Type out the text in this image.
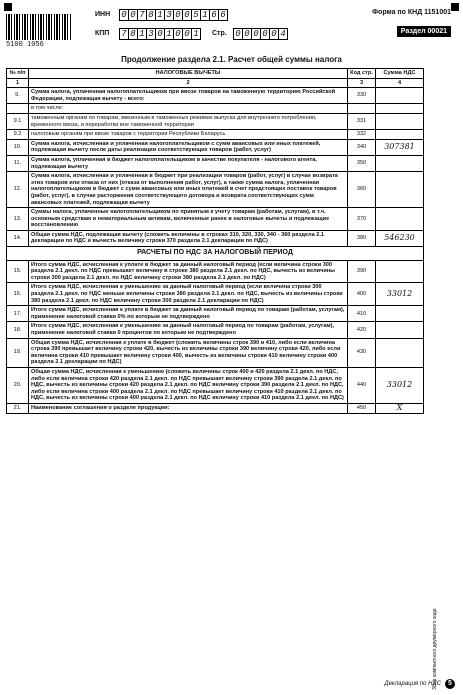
5100 1056
ИНН 0 0 7 8 1 3 0 0 5 1 6 6
КПП 7 8 1 3 0 1 0 0 1	Стр. 0 0 0 0 0 4
Форма по КНД 1151001
Раздел 00021
Продолжение раздела 2.1. Расчет общей суммы налога
№ п/п	НАЛОГОВЫЕ ВЫЧЕТЫ	Код стр.	Сумма НДС
1	2	3	4
9.	Сумма налога, уплаченная налогоплательщиком при ввозе товаров на таможенную территорию Российской Федерации, подлежащая вычету - всего:	330	
	в том числе:		
9.1	таможенным органам по товарам, ввезенным в таможенных режимах выпуска для внутреннего потребления, временного ввоза, и переработки вне таможенной территории	331	
9.2	налоговым органам при ввозе товаров с территории Республики Беларусь	332	
10.	Сумма налога, исчисленная и уплаченная налогоплательщиком с сумм авансовых или иных платежей, подлежащая вычету после даты реализации соответствующих товаров (работ, услуг)	340	307381
11.	Сумма налога, уплаченная в бюджет налогоплательщиком в качестве покупателя - налогового агента, подлежащая вычету	350	
12.	Сумма налога, исчисленная и уплаченная в бюджет при реализации товаров (работ, услуг) в случае возврата этих товаров или отказа от них (отказа от выполнения работ, услуг), а также сумма налога, уплаченная налогоплательщиком в бюджет с сумм авансовых или иных платежей в счет предстоящих поставок товаров (работ, услуг), в случае расторжения соответствующего договора и возврата соответствующих сумм авансовых платежей, подлежащая вычету	360	
13.	Суммы налога, уплаченные налогоплательщиком по принятым к учету товарам (работам, услугам), в т.ч. основным средствам и нематериальным активам, включенные ранее в налоговые вычеты и подлежащие восстановлению	370	
14.	Общая сумма НДС, подлежащая вычету (сложить величины в строках 310, 320, 330, 340 - 360 раздела 2.1 декларации по НДС и вычесть величину строки 370 раздела 2.1 декларации по НДС)	380	546230
РАСЧЕТЫ ПО НДС ЗА НАЛОГОВЫЙ ПЕРИОД			
15.	Итого сумма НДС, исчисленная к уплате в бюджет за данный налоговый период (если величина строки 300 раздела 2.1 декл. по НДС превышает величину в строке 380 раздела 2.1 декл. по НДС, вычесть из величины строки 300 раздела 2.1 декл. по НДС величину строки 380 раздела 2.1 декл. по НДС)	390	
16.	Итого сумма НДС, исчисленная к уменьшению за данный налоговый период (если величина строки 300 раздела 2.1 декл. по НДС меньше величины строки 380 раздела 2.1 декл. по НДС, вычесть из величины строки 380 раздела 2.1 декл. по НДС величину строки 300 раздела 2.1 декларации по НДС)	400	33012
17.	Итого сумма НДС, исчисленная к уплате в бюджет за данный налоговый период по товарам (работам, услугам), применение налоговой ставки 0% по которым не подтверждено	410	
18.	Итого сумма НДС, исчисленная к уменьшению за данный налоговый период по товарам (работам, услугам), применение налоговой ставки 0 процентов по которым не подтверждено	420	
19.	Общая сумма НДС, исчисленная к уплате в бюджет (сложить величины строк 390 и 410, либо если величина строка 390 превышает величину строки 420, вычесть из величины строки 390 величину строки 420, либо если величина строки 410 превышает величину строки 400, вычесть из величины строки 410 величину строки 400 раздела 2.1 декларации по НДС)	430	
20.	Общая сумма НДС, исчисленная к уменьшению (сложить величины строк 400 и 420 раздела 2.1 декл. по НДС, либо если величина строки 420 раздела 2.1 декл. по НДС превышает величину строки 390 раздела 2.1 декл. по НДС, вычесть из величины строки 420 раздела 2.1 декл. по НДС величину строки 390 раздела 2.1 декл. по НДС, либо если величина строки 400 раздела 2.1 декл. по НДС превышает величину строки 410 раздела 2.1 декл. по НДС, вычесть из величины строки 400 раздела 2.1 декл. по НДС величину строки 410 раздела 2.1 декл. по НДС)	440	33012
21.	Наименование соглашения о разделе продукции:	450	X
Зона компактного двумерного кода
Декларация по НДС	5
